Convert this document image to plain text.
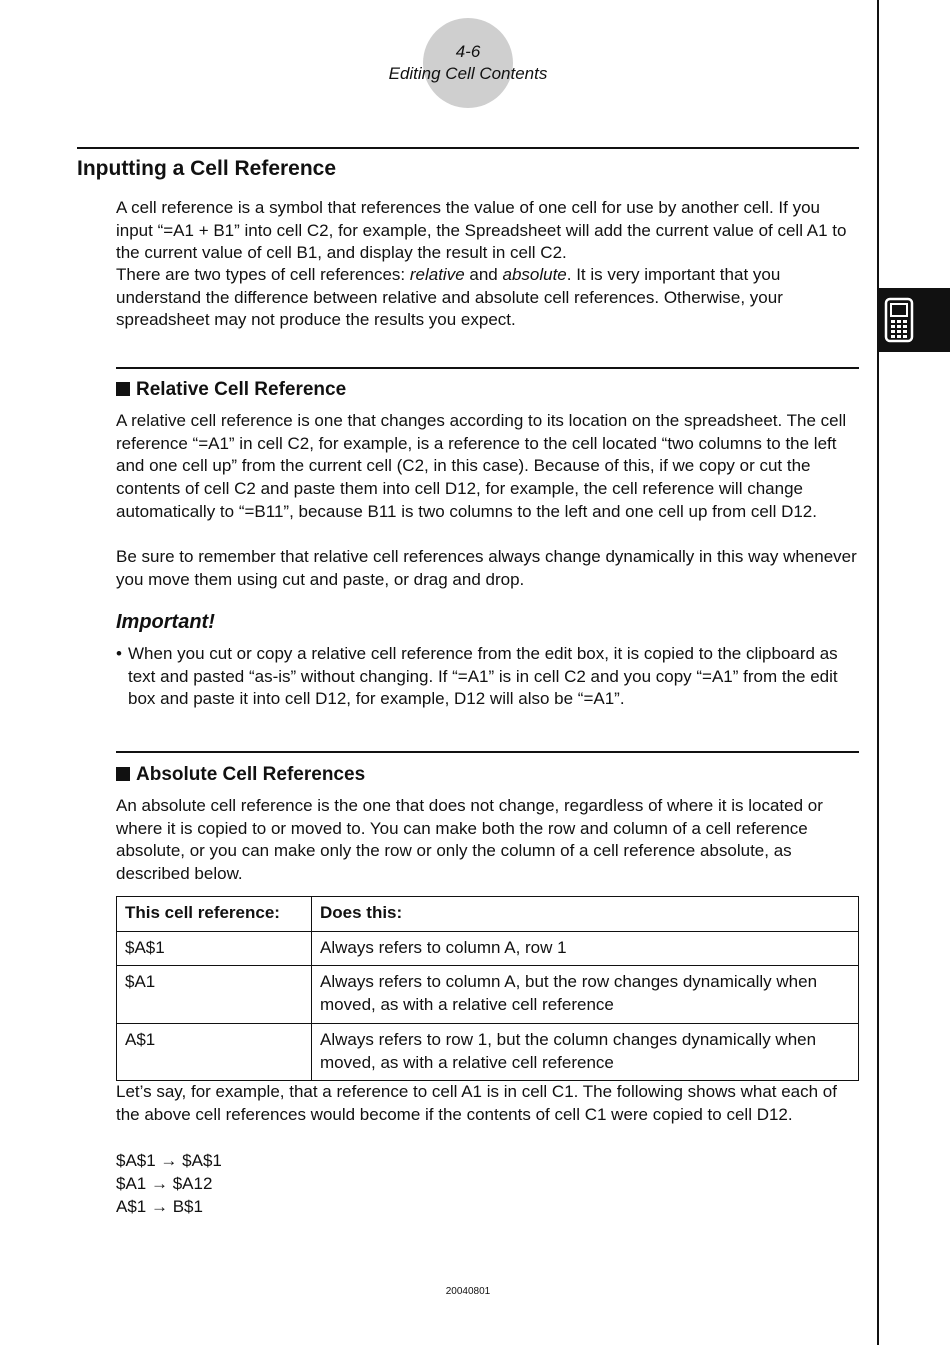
4-6
Editing Cell Contents
Inputting a Cell Reference

A cell reference is a symbol that references the value of one cell for use by another cell. If you input “=A1 + B1” into cell C2, for example, the Spreadsheet will add the current value of cell A1 to the current value of cell B1, and display the result in cell C2.

There are two types of cell references: relative and absolute. It is very important that you understand the difference between relative and absolute cell references. Otherwise, your spreadsheet may not produce the results you expect.

Relative Cell Reference

A relative cell reference is one that changes according to its location on the spreadsheet. The cell reference “=A1” in cell C2, for example, is a reference to the cell located “two columns to the left and one cell up” from the current cell (C2, in this case). Because of this, if we copy or cut the contents of cell C2 and paste them into cell D12, for example, the cell reference will change automatically to “=B11”, because B11 is two columns to the left and one cell up from cell D12.

Be sure to remember that relative cell references always change dynamically in this way whenever you move them using cut and paste, or drag and drop.

Important!
• When you cut or copy a relative cell reference from the edit box, it is copied to the clipboard as text and pasted “as-is” without changing. If “=A1” is in cell C2 and you copy “=A1” from the edit box and paste it into cell D12, for example, D12 will also be “=A1”.
Absolute Cell References

An absolute cell reference is the one that does not change, regardless of where it is located or where it is copied to or moved to. You can make both the row and column of a cell reference absolute, or you can make only the row or only the column of a cell reference absolute, as described below.

This cell reference:	Does this:
$A$1	Always refers to column A, row 1
$A1	Always refers to column A, but the row changes dynamically when moved, as with a relative cell reference
A$1	Always refers to row 1, but the column changes dynamically when moved, as with a relative cell reference

Let’s say, for example, that a reference to cell A1 is in cell C1. The following shows what each of the above cell references would become if the contents of cell C1 were copied to cell D12.

$A$1 → $A$1
$A1 → $A12
A$1 → B$1
20040801
